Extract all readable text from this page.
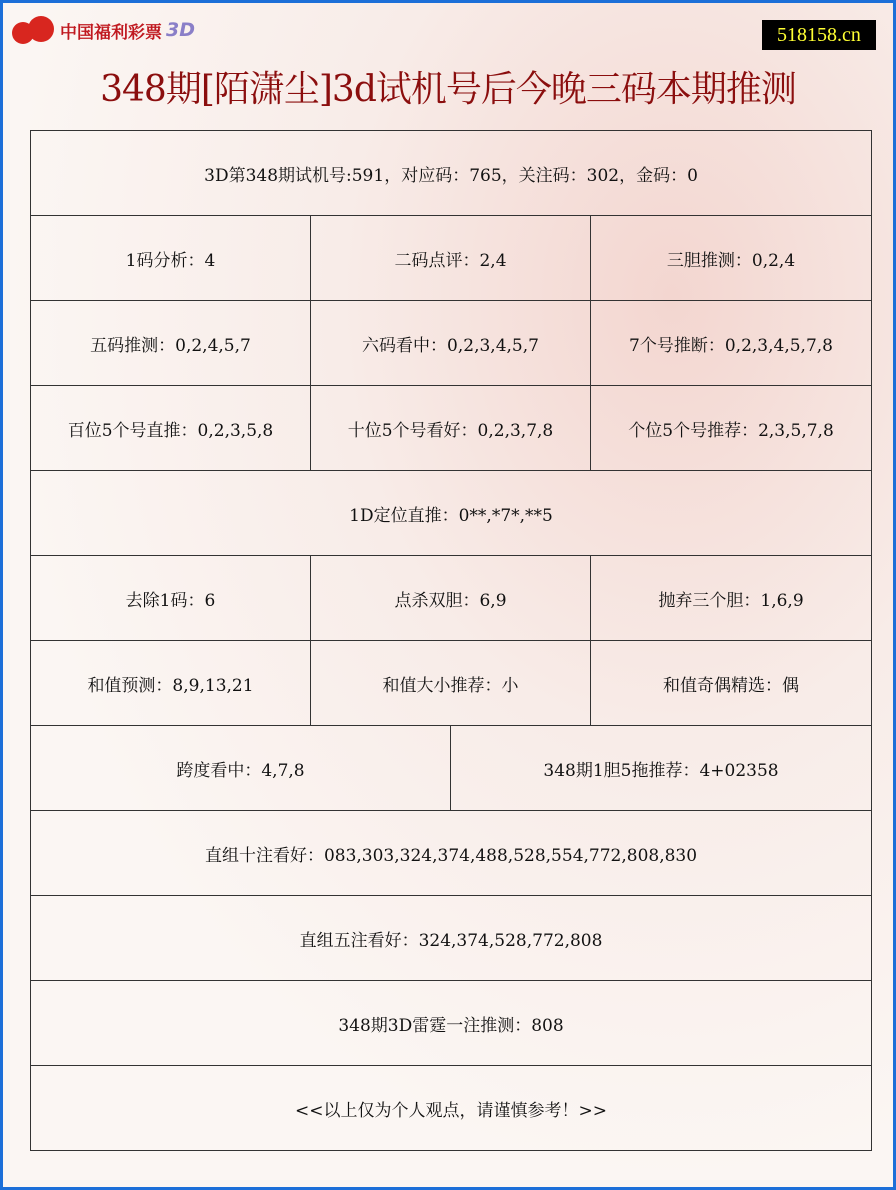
中国福利彩票 3D	518158.cn
348期[陌潇尘]3d试机号后今晚三码本期推测
3D第348期试机号:591，对应码：765，关注码：302，金码：0			
1码分析：4	二码点评：2,4		三胆推测：0,2,4
五码推测：0,2,4,5,7	六码看中：0,2,3,4,5,7		7个号推断：0,2,3,4,5,7,8
百位5个号直推：0,2,3,5,8	十位5个号看好：0,2,3,7,8		个位5个号推荐：2,3,5,7,8
1D定位直推：0**,*7*,**5			
去除1码：6	点杀双胆：6,9		抛弃三个胆：1,6,9
和值预测：8,9,13,21	和值大小推荐：小		和值奇偶精选：偶
跨度看中：4,7,8		348期1胆5拖推荐：4+02358	
直组十注看好：083,303,324,374,488,528,554,772,808,830			
直组五注看好：324,374,528,772,808			
348期3D雷霆一注推测：808			
<<以上仅为个人观点，请谨慎参考！>>			
